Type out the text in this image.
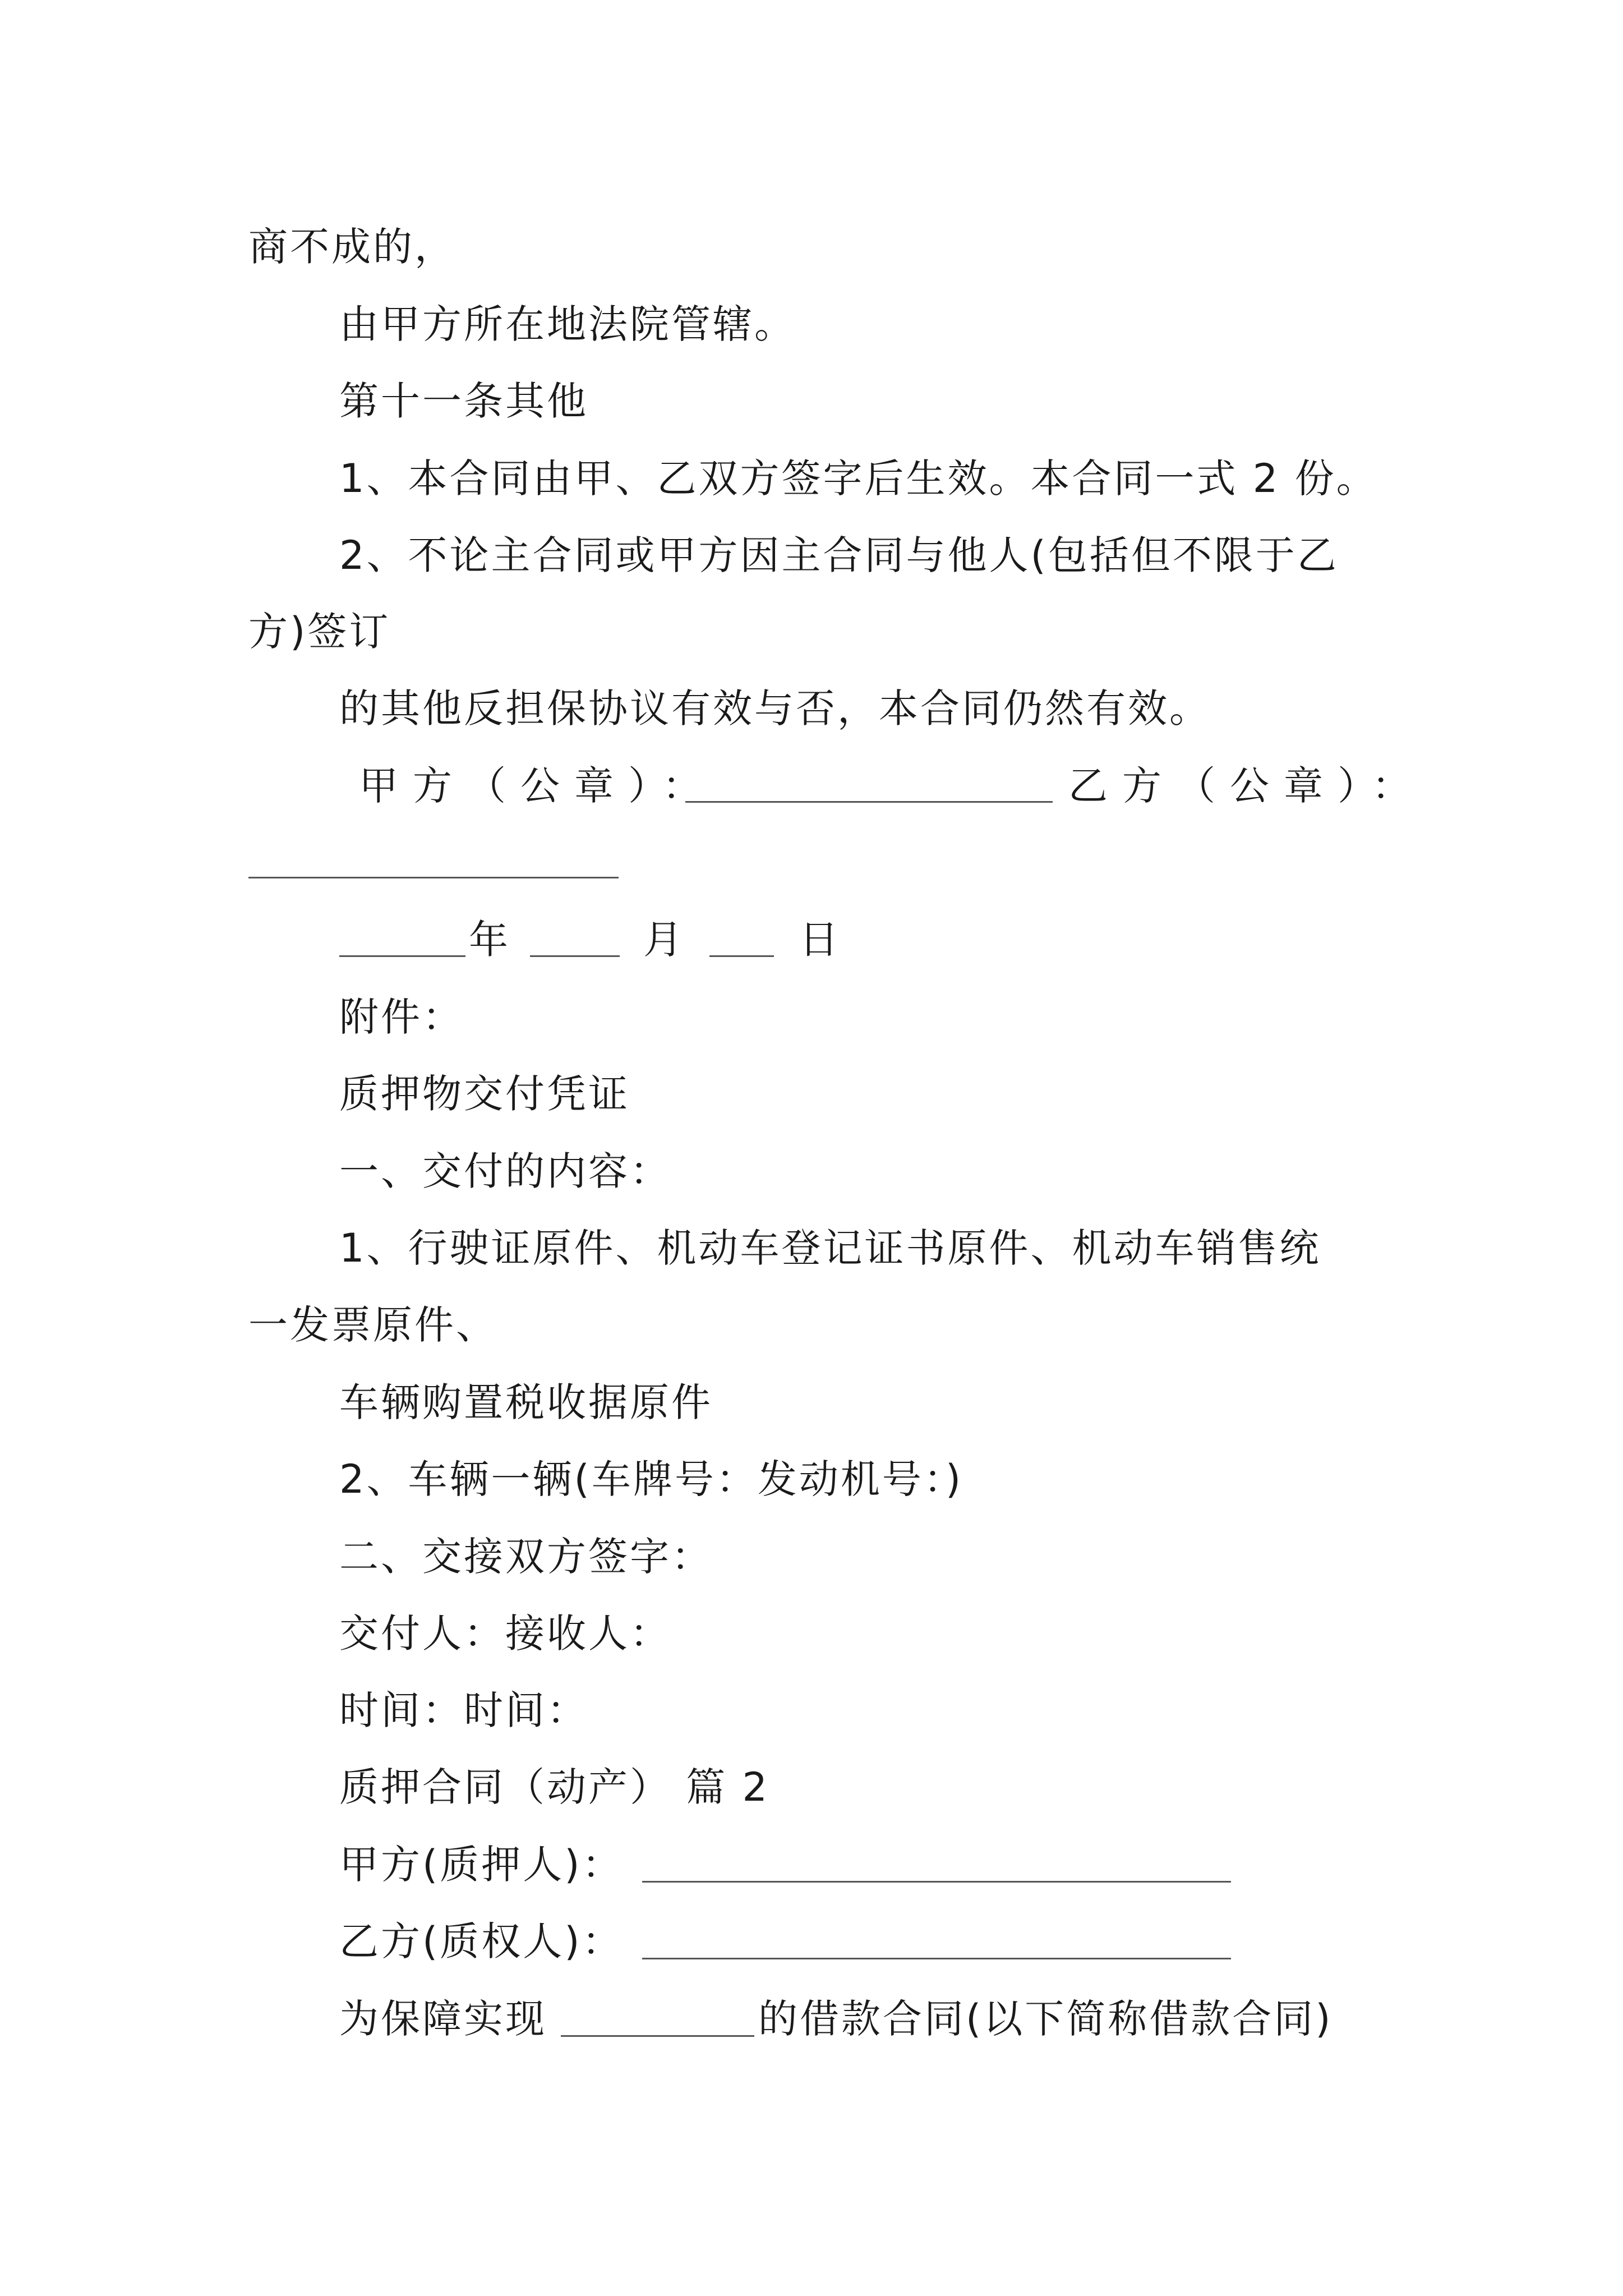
商不成的，
由甲方所在地法院管辖。
第十一条其他
1、本合同由甲、乙双方签字后生效。本合同一式 2 份。
2、不论主合同或甲方因主合同与他人(包括但不限于乙
方)签订
的其他反担保协议有效与否，本合同仍然有效。
甲方（公章）：	乙方（公章）：
年	月	日
附件：
质押物交付凭证
一、交付的内容：
1、行驶证原件、机动车登记证书原件、机动车销售统
一发票原件、
车辆购置税收据原件
2、车辆一辆(车牌号：发动机号：)
二、交接双方签字：
交付人：接收人：
时间：时间：
质押合同（动产） 篇 2
甲方(质押人)：
乙方(质权人)：
为保障实现	的借款合同(以下简称借款合同)
